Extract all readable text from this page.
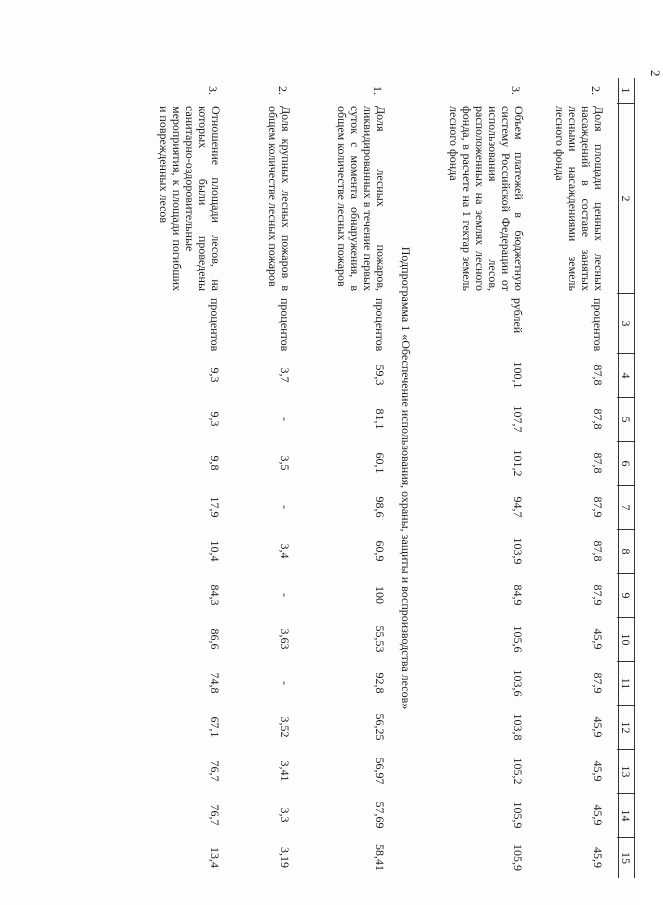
2
1
2
3
4
5
6
7
8
9
10
11
12
13
14
15
2.
Доля площади ценных лесных насаждений в составе занятых лесными насаждениями земель лесного фонда
процентов
87,8
87,8
87,8
87,9
87,8
87,9
45,9
87,9
45,9
45,9
45,9
45,9
3.
Объем платежей в бюджетную систему Российской Федерации от использования лесов, расположенных на землях лесного фонда, в расчете на 1 гектар земель лесного фонда
рублей
100,1
107,7
101,2
94,7
103,9
84,9
105,6
103,6
103,8
105,2
105,9
105,9
Подпрограмма 1 «Обеспечение использования, охраны, защиты и воспроизводства лесов»
1.
Доля лесных пожаров, ликвидированных в течение первых суток с момента обнаружения, в общем количестве лесных пожаров
процентов
59,3
81,1
60,1
98,6
60,9
100
55,53
92,8
56,25
56,97
57,69
58,41
2.
Доля крупных лесных пожаров в общем количестве лесных пожаров
процентов
3,7
-
3,5
-
3,4
-
3,63
-
3,52
3,41
3,3
3,19
3.
Отношение площади лесов, на которых были проведены санитарно-оздоровительные мероприятия, к площади погибших и поврежденных лесов
процентов
9,3
9,3
9,8
17,9
10,4
84,3
86,6
74,8
67,1
76,7
76,7
13,4
